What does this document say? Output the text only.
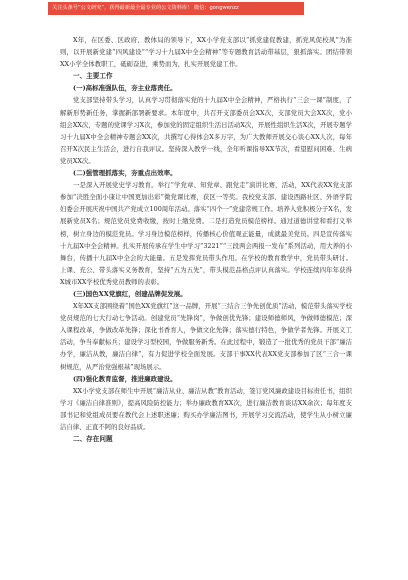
关注头条号“公文研究”，获得最新最全最专业的公文资料库！ 微信：gongwenzz

X年，在区委、区政府、教体局的领导下，XX小学党支部以“抓党建促教建，抓党风促校风”为准则，以开展新党建“四风建设”“学习十九届X中全会精神”等专题教育活动带基层，狠抓落实。团结带领XX小学全体教职工，砥砺奋进，乘势而为，扎实开展党建工作。

一、主要工作

(一)高标准强队伍，夯主业落责任。

党支部坚持带头学习，认真学习贯彻落实党的十九届X中全会精神，严格执行“三会一课”制度，了解新形势新任务，掌握新部署新要求。本年度中，共召开支部委员会XX次，支部党员大会XX次，党小组会XX次，专题的党课学习X次，参加党的固定组织生活日活动X次，开展性组织生活X次，开展专题学习十九届X中全会精神专题会XX次，共撰写心得体会X多万字，为广大教师开展交心谈心XX人次，每年召开X次民主生活会，进行自我评议。坚持深入教学一线，全年听课指导XX节次，看望慰问困难、生病党员XX次。

(二)强管理抓落实，夯重点出效率。

一是深入开展党史学习教育。举行“学党章、知党章、跟党走”演讲比赛，活动，XX代表XX党支部参加“决胜全面小康让中国更加出彩”微党课比赛，获区一等奖。我校党支部、建设西路社区、外语学院妇委会开展庆祝中国共产党成立100周年活动。落实“四个一”党建常规工作。培养入党积极分子X名，发展新党员X名；规范党员党费收缴，按时上缴党费。二是打造党员模范榜样。通过道德讲堂和看打义举榜，树立身边的模范党员。学习身边模范榜样，传播核心价值观正能量，成就最美党员。四是宣传落实十九届X中全会精神。扎实开展传承在学生中学习“3221”“三段两会两报一发布”系列活动，用大养的小舞台，传播十九届X中全会的大能量。五是发挥党员带头作用。在学校的教育教学中，党员带头研讨。上课、充公、带头落实义务教育，坚持“五为五先”，带头模范品格点评认真落实。学校连续四年年获得X城市XX学校优秀党员教师的表彰。

(三)国色XX党旗红，创建品牌促发展。

X年XX支部围绕着“国色XX党旗红”这一品牌，开展“三结合三争先创优质”活动，模范带头落实学校党员规范的七大行动七争活动。创建党员“先锋岗”，争做创优先锋；建设师德师风，争做师德模范；深入课程改革，争做改革先锋；深化书香育人，争做文化先锋；落实德行特色，争做学者先锋。开展义工活动，争当奉献标兵；建设学习型校园，争做服务新秀。在此过程中，锻造了一批优秀的党员干部“廉洁办学，廉洁从教，廉洁自律”，有力促进学校全面发展。支部干事XX代表XX党支部参加了区“三合一课树规范，从严治党强根基”现场展示。

(四)强化教育监督，推进廉政建设。

XX小学党支部在师生中开展“廉洁从业、廉洁从教”教育活动，签订党风廉政建设目标责任书，组织学习《廉洁自律准则》，提高风险防控能力；举办廉政教育XX次，进行廉洁教育谈话XX余次；每年度支部书记和党组成员要在教代会上述职述廉；购买办学廉洁图书，开展学习交流活动，使学生从小树立廉洁自律、正直不阿的良好品质。

二、存在问题
